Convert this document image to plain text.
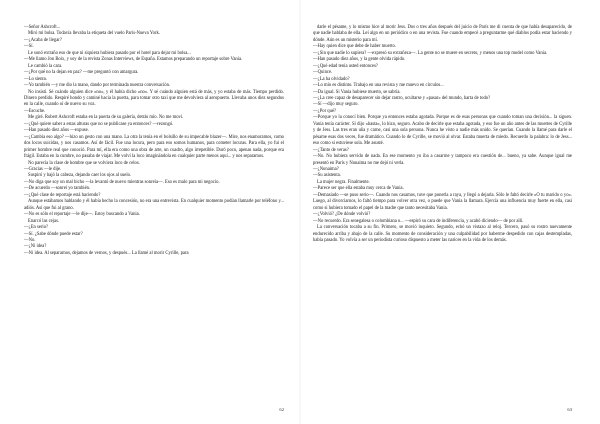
—Señor Ashcroft...

Miró mi bolsa. Todavía llevaba la etiqueta del vuelo París-Nueva York.

—¿Acaba de llegar?

—Sí.

Le sonó extraño eso de que ni siquiera hubiera pasado por el hotel para dejar mi bolsa...

—Me llamo Jon Boix, y soy de la revista Zonas Interviews, de España. Estamos preparando un reportaje sobre Vania.

Le cambió la cara.

—¿Por qué no la dejan en paz? —me preguntó con amargura.

—Lo siento.

—Yo también —y me dio la mano, dando por terminada nuestra conversación.

No insistí. Sé cuándo alguien dice «no», y él había dicho «no». Y sé cuándo alguien está de más, y yo estaba de más. Tiempo perdido. Dinero perdido. Respiré hondo y caminé hacia la puerta, para tomar otro taxi que me devolviera al aeropuerto. Llevaba unos diez segundos en la calle, cuando oí de nuevo su voz.

—Escuche.

Me giré. Robert Ashcroft estaba en la puerta de su galería, detrás mío. No me moví.

—¿Qué quiere saber a estas alturas que no se publicase ya entonces? —rezongó.

—Han pasado diez años —expuse.

—¿Cambia eso algo? —hizo un gesto con una mano. La otra la tenía en el bolsillo de su impecable blazer—. Mire, nos enamoramos, como dos locos suicidas, y nos casamos. Así de fácil. Fue una locura, pero para eso somos humanos, para cometer locuras. Para ella, yo fui el primer hombre real que conoció. Para mí, ella era como una obra de arte, un cuadro, algo irrepetible. Duró poco, apenas nada, porque era frágil. Estaba en la cumbre, no pasaba de viajar. Me volví la loco imaginándola en cualquier parte menos aquí... y nos separamos.

No parecía la clase de hombre que se volviera loco de celos.

—Gracias —le dije.

Suspiró y bajó la cabeza, dejando caer los ojos al suelo.

—No diga que soy un mal bicho —la levantó de nuevo mientras sonreía—. Eso es malo para mi negocio.

—De acuerdo —sonreí yo también.

—¿Qué clase de reportaje está haciendo?

Aunque estábamos hablando y él había hecho la concesión, no era una entrevista. En cualquier momento podían llamarle por teléfono y... adiós. Así que fui al grano.

—No es sólo el reportaje —le dije—. Estoy buscando a Vania.

Enarcó las cejas.

—¿En serio?

—Sí. ¿Sabe dónde puede estar?

—No.

—¿Ni idea?

—Ni idea. Al separarnos, dejamos de vernos, y después... La llamé al morir Cyrille, para

62

darle el pésame, y lo mismo hice al morir Jess. Dos o tres años después del juicio de París me di cuenta de que había desaparecido, de que nadie hablaba de ella. Leí algo en un periódico o en una revista. Fue cuando empecé a preguntarme qué diablos podía estar haciendo y dónde. Aún es un misterio para mí.

—Hay quien dice que debe de haber muerto.

—¿Sin que nadie lo supiera? —expresó su extrañeza—. La gente no se muere en secreto, y menos una top model como Vania.

—Han pasado diez años, y la gente olvida rápido.

—¿Qué edad tenía usted entonces?

—Quince.

—¿La ha olvidado?

—Lo mío es distinto. Trabajo en una revista y me muevo en círculos...

—Da igual. Si Vania hubiese muerto, se sabría.

—¿La cree capaz de desaparecer sin dejar rastro, ocultarse y «pasar» del mundo, harta de todo?

—Sí —dijo muy seguro.

—¿Por qué?

—Porque yo la conocí bien. Porque ya entonces estaba agotada. Porque es de esas personas que cuando toman una decisión... la siguen. Vania tenía carácter. Si dijo «basta», lo hizo, seguro. Acabo de decirle que estaba agotada, y eso fue un año antes de las muertes de Cyrille y de Jess. Las tres eran uña y carne, casi una sola persona. Nunca he visto a nadie más unido. Se querían. Cuando la llamé para darle el pésame esas dos veces, fue dramático. Cuando lo de Cyrille, se movió al olvar. Estaba muerta de miedo. Recuerdo la palabra: lo de Jess... eso como si estuviese sola. Me asusté.

—¿Tanto de veras?

—No. No hubiera servido de nada. En ese momento yo iba a casarme y tampoco era cuestión de... bueno, ya sabe. Aunque igual me presentó en París y Nonaima no me dejó ni verla.

—¿Nonaima?

—Su asistenta.

La mujer negra. Finalmente.

—Parece ser que ella estaba muy cerca de Vania.

—Demasiado —se puso serio—. Cuando nos casamos, tuve que ponerla a raya, y llegó a dejarla. Sólo le faltó decirle «O tu marido o yo». Luego, al divorciarnos, lo faltó tiempo para volver otra vez, o puede que Vania la llamara. Ejercía una influencia muy fuerte en ella, casi como si hubiera tomado el papel de la madre que tanto necesitaba Vania.

—¿Volvió? ¿De dónde volvió?

—No recuerdo. Era senegalesa o colombiana o... —espiró su cara de indiferencia, y acabó diciendo— de por allí.

La conversación tocaba a su fin. Primero, se movió inquieto. Segundo, echó un vistazo al reloj. Tercero, pasó su rostro nuevamente endurecido arriba y abajo de la calle. Su momento de consideración y una culpabilidad por haberme despedido con cajas destempladas, había pasado. Yo volvía a ser un periodista curioso dispuesto a meter las narices en la vida de los demás.

63
